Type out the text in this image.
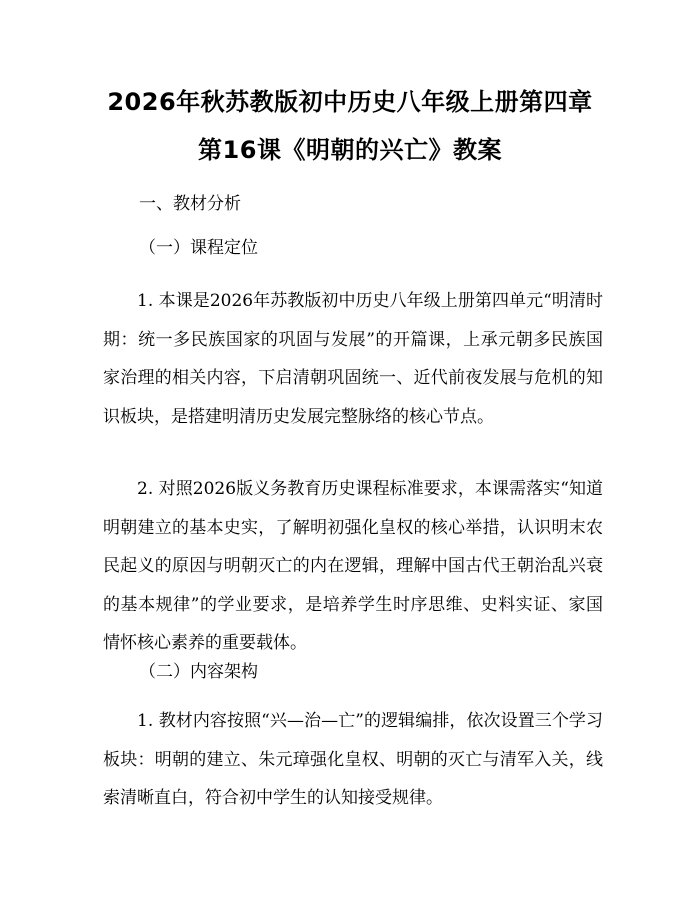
2026年秋苏教版初中历史八年级上册第四章
第16课《明朝的兴亡》教案
一、教材分析
（一）课程定位
1. 本课是2026年苏教版初中历史八年级上册第四单元“明清时期：统一多民族国家的巩固与发展”的开篇课，上承元朝多民族国家治理的相关内容，下启清朝巩固统一、近代前夜发展与危机的知识板块，是搭建明清历史发展完整脉络的核心节点。
2. 对照2026版义务教育历史课程标准要求，本课需落实“知道明朝建立的基本史实，了解明初强化皇权的核心举措，认识明末农民起义的原因与明朝灭亡的内在逻辑，理解中国古代王朝治乱兴衰的基本规律”的学业要求，是培养学生时序思维、史料实证、家国情怀核心素养的重要载体。
（二）内容架构
1. 教材内容按照“兴—治—亡”的逻辑编排，依次设置三个学习板块：明朝的建立、朱元璋强化皇权、明朝的灭亡与清军入关，线索清晰直白，符合初中学生的认知接受规律。
